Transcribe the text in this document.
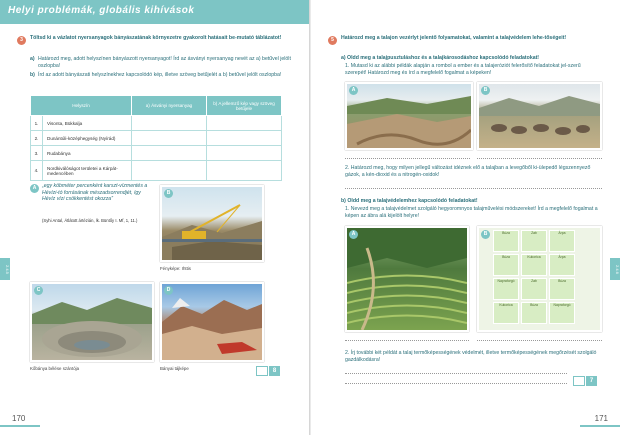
Helyi problémák, globális kihívások
2.4.5
3	Töltsd ki a vázlatot nyersanyagok bányászatának környezetre gyakorolt hatásait be-mutató táblázatot!
a) Határozd meg, adott helyszínen bányászott nyersanyagot! Írd az ásványi nyersanyag nevét az a) betűvel jelölt oszlopba!
b) Írd az adott bányászati helyszínekhez kapcsolódó kép, illetve szöveg betűjelét a b) betűvel jelölt oszlopba!
Helyszín		a) Ásványi nyersanyag	b) A jellemző kép vagy szöveg betűjele
1.	Visonta, Bükkalja		
2.	Dunántúli-középhegység (Nyírád)		
3.	Rudabánya		
4.	Nordkiválóságot területei a Kárpát-medencében		
A	„egy köbméter percenként karszt-vízmentés a Hévízi-tó forrásának mészadsorrendjét, így Hévíz vízi csökkentést okozza”
(Syhi Antal, Átlátott ártézián, lk. Büntőy I. Mf, 1, 11.)
B
Fényképe: Ihttis
C
Kőbánya bélése szántója
D
Bányai tájképe	8
170
2.4.6
5	Határozd meg a talajon vezérlyt jelentő folyamatokat, valamint a talajvédelem lehe-tőségeit!
a) Oldd meg a talajpusztuláshoz és a talajkárosodáshoz kapcsolódó feladatokat!
1. Mutasd ki az alábbi példák alapján a rombol a ember és a talajeróziót felerősítő feladatokat jel-szerű szerepét! Határozd meg és írd a megfelelő fogalmat a képeken!
A	B
2. Határozd meg, hogy milyen jellegű változást idéznek elő a talajban a levegőből ki-ülepedő légszennyező gázok, a kén-dioxid és a nitrogén-oxidok!
b) Oldd meg a talajvédelemhez kapcsolódó feladatokat!
1. Nevezd meg a talajvédelmet szolgáló hegyoromnyos talajművelési módszereket! Írd a megfelelő fogalmat a képen az ábra alá kijelölt helyre!
A	Búza	Zab	Árpa
Búza	Kukorica	Árpa
Napraforgó	Zab	Búza
Kukorica	Búza	Napraforgó
B
2. Írj további két példát a talaj termőképességének védelmét, illetve termőképességének megőrzését szolgáló gazdálkodásra!
7
171
